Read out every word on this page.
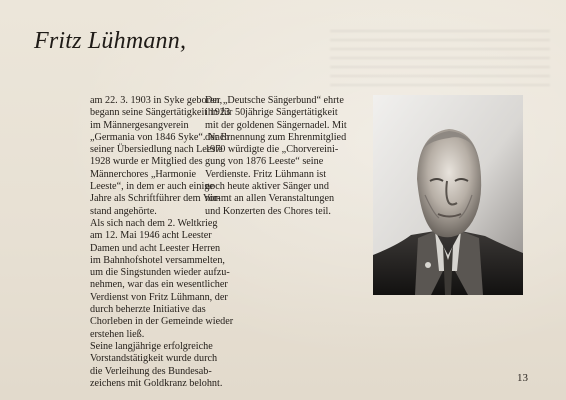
Fritz Lühmann,
am 22. 3. 1903 in Syke geboren,
begann seine Sängertätigkeit 1923
im Männergesangverein
„Germania von 1846 Syke“. Nach
seiner Übersiedlung nach Leeste
1928 wurde er Mitglied des
Männerchores „Harmonie
Leeste“, in dem er auch einige
Jahre als Schriftführer dem Vor-
stand angehörte.
Als sich nach dem 2. Weltkrieg
am 12. Mai 1946 acht Leester
Damen und acht Leester Herren
im Bahnhofshotel versammelten,
um die Singstunden wieder aufzu-
nehmen, war das ein wesentlicher
Verdienst von Fritz Lühmann, der
durch beherzte Initiative das
Chorleben in der Gemeinde wieder
erstehen ließ.
Seine langjährige erfolgreiche
Vorstandstätigkeit wurde durch
die Verleihung des Bundesab-
zeichens mit Goldkranz belohnt.
Der „Deutsche Sängerbund“ ehrte
ihn für 50jährige Sängertätigkeit
mit der goldenen Sängernadel. Mit
der Ernennung zum Ehrenmitglied
1970 würdigte die „Chorvereini-
gung von 1876 Leeste“ seine
Verdienste. Fritz Lühmann ist
noch heute aktiver Sänger und
nimmt an allen Veranstaltungen
und Konzerten des Chores teil.
13
